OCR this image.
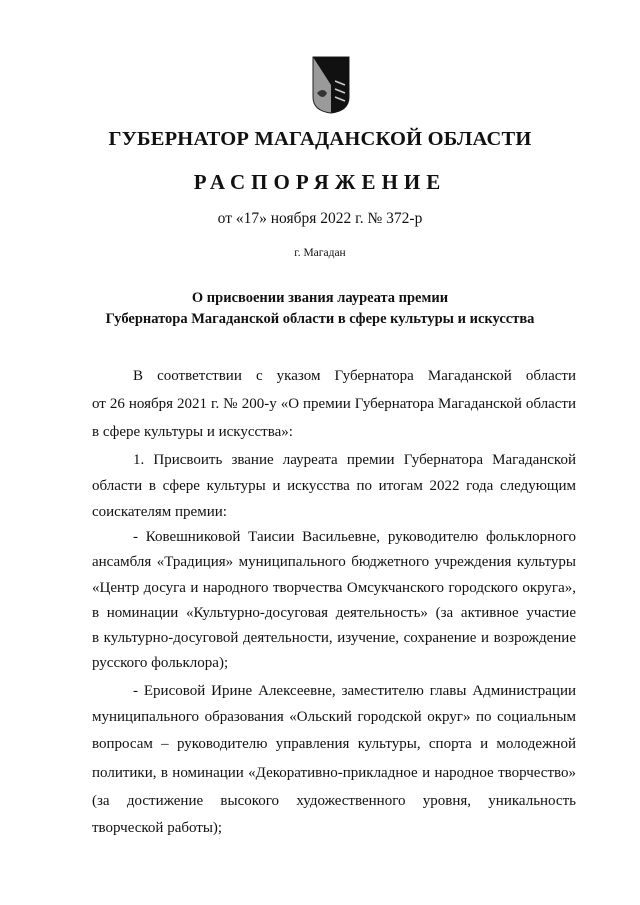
ГУБЕРНАТОР МАГАДАНСКОЙ ОБЛАСТИ
РАСПОРЯЖЕНИЕ
от «17» ноября 2022 г. № 372-р
г. Магадан
О присвоении звания лауреата премии
Губернатора Магаданской области в сфере культуры и искусства
В соответствии с указом Губернатора Магаданской области
от 26 ноября 2021 г. № 200-у «О премии Губернатора Магаданской области
в сфере культуры и искусства»:
1. Присвоить звание лауреата премии Губернатора Магаданской
области в сфере культуры и искусства по итогам 2022 года следующим
соискателям премии:
- Ковешниковой Таисии Васильевне, руководителю фольклорного
ансамбля «Традиция» муниципального бюджетного учреждения культуры
«Центр досуга и народного творчества Омсукчанского городского округа»,
в номинации «Культурно-досуговая деятельность» (за активное участие
в культурно-досуговой деятельности, изучение, сохранение и возрождение
русского фольклора);
- Ерисовой Ирине Алексеевне, заместителю главы Администрации
муниципального образования «Ольский городской округ» по социальным
вопросам – руководителю управления культуры, спорта и молодежной
политики, в номинации «Декоративно-прикладное и народное творчество»
(за достижение высокого художественного уровня, уникальность
творческой работы);
